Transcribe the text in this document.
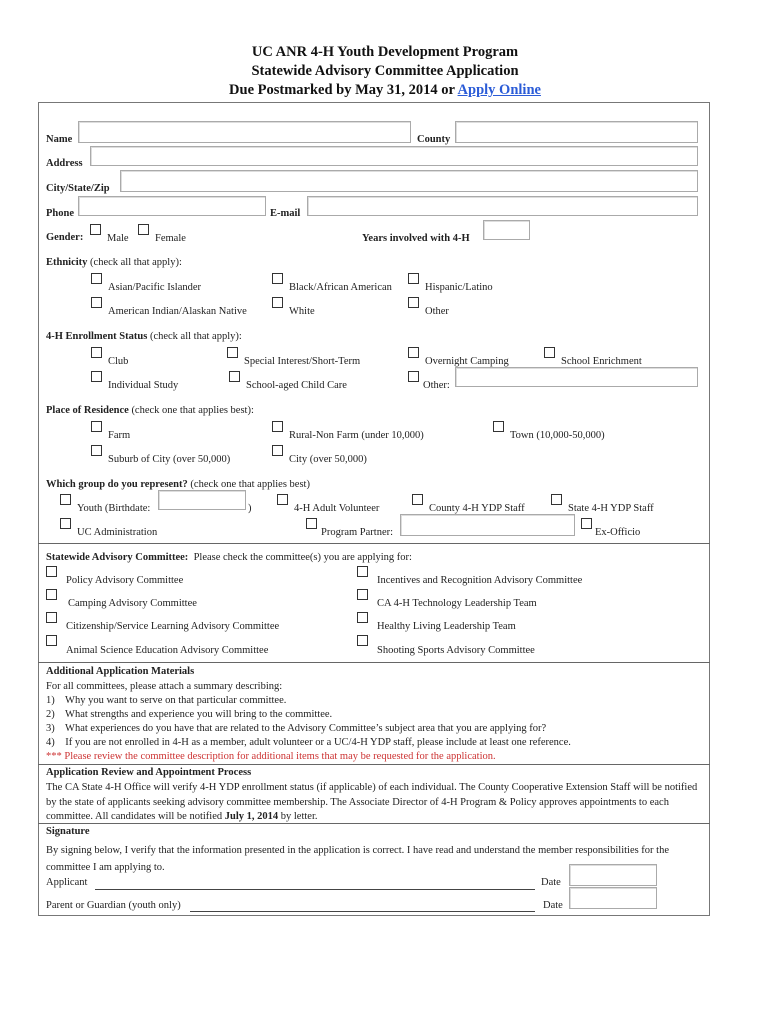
UC ANR 4-H Youth Development Program
Statewide Advisory Committee Application
Due Postmarked by May 31, 2014 or Apply Online
Name	County
Address
City/State/Zip
Phone	E-mail
Gender: Male	Female	Years involved with 4-H
Ethnicity (check all that apply):
Asian/Pacific Islander	Black/African American	Hispanic/Latino
American Indian/Alaskan Native	White	Other
4-H Enrollment Status (check all that apply):
Club	Special Interest/Short-Term	Overnight Camping	School Enrichment
Individual Study	School-aged Child Care	Other:
Place of Residence (check one that applies best):
Farm	Rural-Non Farm (under 10,000)	Town (10,000-50,000)
Suburb of City (over 50,000)	City (over 50,000)
Which group do you represent? (check one that applies best)
Youth (Birthdate:	)	4-H Adult Volunteer	County 4-H YDP Staff	State 4-H YDP Staff
UC Administration	Program Partner:	Ex-Officio
Statewide Advisory Committee: Please check the committee(s) you are applying for:
Policy Advisory Committee
Camping Advisory Committee
Citizenship/Service Learning Advisory Committee
Animal Science Education Advisory Committee
Incentives and Recognition Advisory Committee
CA 4-H Technology Leadership Team
Healthy Living Leadership Team
Shooting Sports Advisory Committee
Additional Application Materials
For all committees, please attach a summary describing:
1)    Why you want to serve on that particular committee.
2)    What strengths and experience you will bring to the committee.
3)    What experiences do you have that are related to the Advisory Committee’s subject area that you are applying for?
4)    If you are not enrolled in 4-H as a member, adult volunteer or a UC/4-H YDP staff, please include at least one reference.
*** Please review the committee description for additional items that may be requested for the application.
Application Review and Appointment Process
The CA State 4-H Office will verify 4-H YDP enrollment status (if applicable) of each individual. The County Cooperative Extension Staff will be notified by the state of applicants seeking advisory committee membership. The Associate Director of 4-H Program & Policy approves appointments to each committee. All candidates will be notified July 1, 2014 by letter.
Signature
By signing below, I verify that the information presented in the application is correct. I have read and understand the member responsibilities for the committee I am applying to.
Applicant	Date
Parent or Guardian (youth only)	Date
